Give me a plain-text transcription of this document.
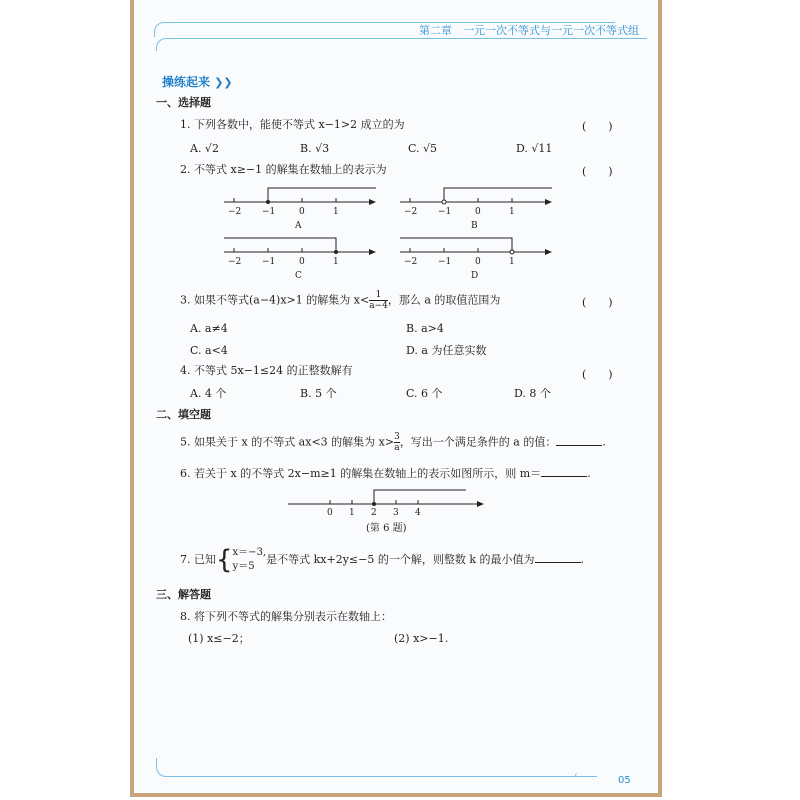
第二章　一元一次不等式与一元一次不等式组
操练起来 ❯❯
一、选择题
1. 下列各数中，能使不等式 x−1>2 成立的为	(　　)
A. √2	B. √3	C. √5	D. √11
2. 不等式 x≥−1 的解集在数轴上的表示为	(　　)
−2 −1	0	1
A
−2 −1	0	1
B
−2 −1	0	1
C
−2 −1	0	1
D
3. 如果不等式(a−4)x>1 的解集为 $x< \frac{1}{a-4}$ ，那么 a 的取值范围为	(　　)
A. a≠4	B. a>4
C. a<4	D. a 为任意实数
4. 不等式 5x−1≤24 的正整数解有	(　　)
A. 4 个	B. 5 个	C. 6 个	D. 8 个
二、填空题
5. 如果关于 x 的不等式 ax<3 的解集为 $x> \frac{3}{a}$ ，写出一个满足条件的 a 的值：	.
6. 若关于 x 的不等式 2x−m≥1 的解集在数轴上的表示如图所示，则 m＝	.
0 1 2 3 4
(第 6 题)
7. 已知{ x＝−3,
y＝5
是不等式 kx+2y≤−5 的一个解，则整数 k 的最小值为	.
三、解答题
8. 将下列不等式的解集分别表示在数轴上：
(1) x≤−2；	(2) x>−1.
‹	05
